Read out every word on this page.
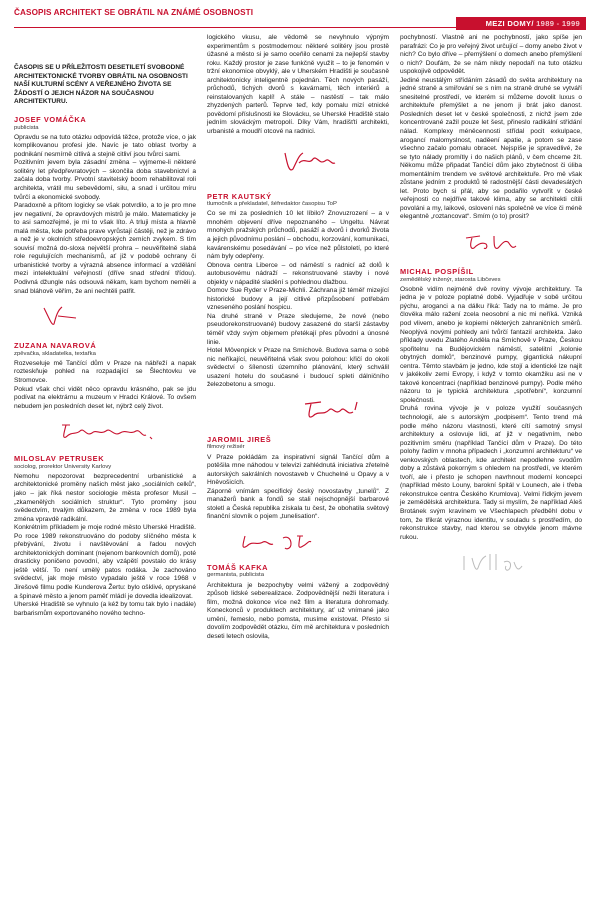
ČASOPIS ARCHITEKT SE OBRÁTIL NA ZNÁMÉ OSOBNOSTI
MEZI DOMY/ 1989 - 1999

ČASOPIS SE U PŘÍLEŽITOSTI DESETILETÍ SVOBODNÉ ARCHITEKTONICKÉ TVORBY OBRÁTIL NA OSOBNOSTI NAŠÍ KULTURNÍ SCÉNY A VEŘEJNÉHO ŽIVOTA SE ŽÁDOSTÍ O JEJICH NÁZOR NA SOUČASNOU ARCHITEKTURU.

JOSEF VOMÁČKA

publicista

Opravdu se na tuto otázku odpovídá těžce, protože více, o jak komplikovanou profesi jde. Navíc je tato oblast tvorby a podnikání nesmírně citlivá a stejně citliví jsou tvůrci sami.

Pozitivním jevem byla zásadní změna – vyjmeme-li některé solitéry let předpřevratových – skončila doba stavebnictví a začala doba tvorby. Prvotní stavitelský boom rehabilitoval roli architekta, vrátil mu sebevědomí, silu, a snad i určitou míru tvůrčí a ekonomické svobody.

Paradoxně a přitom logicky se však potvrdilo, a to je pro mne jev negativní, že opravdových mistrů je málo. Matematicky je to asi samozřejmé, je mi to však líto. A trluji místa a hlavně malá města, kde potřeba prave vyrůstají částěji, než je zdrávo a než je v okolních středoevropských zemích zvykem. S tím souvisí možná do-sloxa největší prohra – neuvěřitelně slabá role regulujících mechanismů, ať již v podobě ochrany či urbanistické tvorby a výrazná absence informací a vzdělání mezi intelektuální veřejností (dříve snad střední třídou). Podivná džungle nás odsouvá někam, kam bychom neměli a snad bláhově věřím, že ani nechtěli patřit.

ZUZANA NAVAROVÁ

zpěvačka, skladatelka, textařka

Rozveseluje mě Tančící dům v Praze na nábřeží a napak rozteskňuje pohled na rozpadající se Šlechtovku ve Stromovce.

Pokud však chci vidět něco opravdu krásného, pak se jdu podívat na elektrárnu a muzeum v Hradci Králové. To ovšem nebudem jen posledních deset let, nýbrž celý život.

MILOSLAV PETRUSEK

sociolog, prorektor University Karlovy

Nemohu nepozorovat bezprecedentní urbanistické a architektonické proměny našich měst jako „sociálních celků“, jako – jak říká nestor sociologie města profesor Musil – „zkamenělých sociálních struktur“. Tyto proměny jsou svědectvím, trvalým důkazem, že změna v roce 1989 byla zména vpravdě radikální.

Konkrétním příkladem je moje rodné město Uherské Hradiště. Po roce 1989 rekonstruováno do podoby slíčného města k přebývání, životu i navštěvování a řadou nových architektonických dominant (nejenom bankovních domů), poté drasticky poničeno povodní, aby vzápětí povstalo do krásy ještě větší. To není umělý patos rodáka. Je zachováno svědectví, jak moje město vypadalo ještě v roce 1968 v Jirešově filmu podle Kunderova Žertu: bylo ošklivé, opryskané a špinavé město a jenom paměť mládí je dovedla idealizovat.

Uherské Hradiště se vyhnulo (a kéž by tomu tak bylo i nadále) barbarismům exportovaného nového techno-

logického vkusu, ale vědomě se nevyhnulo výpným experimentům s postmodernou: některé solitéry jsou prostě úžasné a město si je samo oceňilo cenami za nejlepší stavby roku. Každý prostor je zase funkčně využít – to je fenomén v tržní ekonomice obvyklý, ale v Uherském Hradišti je současně architektonicky inteligentně pojednán. Těch nových pasáží, průchodů, tichých dvorů s kavárnami, těch interiérů a reinstalovaných kaplí! A stále – nastěstí – tak málo zhyzdených parterů. Teprve teď, kdy pomalu mizí etnické povědomí příslušnosti ke Slovácku, se Uherské Hradiště stalo jedním slováckým metropolí. Díky Vám, hradišťtí architekti, urbanisté a moudří otcové na radnici.

PETR KAUTSKÝ

tlumočník a překladatel, šéfredaktor časopisu ToP

Co se mi za posledních 10 let líbilo? Znovuzrození – a v mnohém objevení dříve nepoznaného – Ungeltu. Návrat mnohých pražských průchodů, pasáží a dvorů i dvorků života a jejich původnímu poslání – obchodu, korzování, komunikaci, kavárenskému posedávání – po více než půlstoletí, po které nám byly odepřeny.

Obnova centra Liberce – od náměstí s radnicí až dolů k autobusovému nádraží – rekonstruované stavby i nové objekty v nápadité sladění s pohlednou dlažbou.

Domov Sue Ryder v Praze-Michli. Záchrana již téměř mizející historické budovy a její citlivé přizpůsobení potřebám vzneseného poslání hospicu.

Na druhé straně v Praze sledujeme, že nové (nebo pseudorekonstruované) budovy zasazené do starší zástavby téměř vždy svým objemem přetékají přes původní a únosné linie.

Hotel Mövenpick v Praze na Smíchově. Budova sama o sobě nic neříkající, neuvěřitelná však svou polohou: křičí do okolí svědectví o šílenosti územního plánování, který schválil usazení hotelu do současné i budoucí spleti dálničního železobetonu a smogu.

JAROMIL JIREŠ

filmový režisér

V Praze pokládám za inspirativní signál Tančící dům a potěšila mne náhodou v televizi zahlédnutá iniciativa zřetelně autorských sakrálních novostaveb v Chuchelné u Opavy a v Hněvošicích.

Záporně vnímám specifický český novostavby „tunelů“. Z manažerů bank a fondů se stali nejschopnější barbarové stoletl a Česká republika získala tu čest, že obohatila světový finanční slovník o pojem „tunelisation“.

TOMÁŠ KAFKA

germanista, publicista

Architektura je bezpochyby velmi vážený a zodpovědný způsob lidské seberealizace. Zodpovědnější nežli literatura i film, možná dokonce více než film a literatura dohromady. Koneckonců v produktech architektury, ať už vnímané jako umění, řemeslo, nebo pomsta, musíme existovat. Přesto si dovolím zodpovědět otázku, čím mě architektura v posledních deseti letech oslovila,

pochybností. Vlastně ani ne pochybností, jako spíše jen parafrázi: Co je pro veřejný život určující – domy anebo život v nich? Co bylo dříve – přemýšlení o domech anebo přemýšlení o nich? Doufám, že se nám nikdy nepodaří na tuto otázku uspokojivě odpovědět.

Jediné neustálým střídáním zásadů do světa architektury na jedné straně a smiřování se s ním na straně druhé se vytváří snesitelné prostředí, ve kterém si můžeme dovolit luxus o architektuře přemýšlet a ne jenom ji brát jako danost. Posledních deset let v české společnosti, z nichž jsem zde koncentrované zažil pouze let šest, přineslo radikální střídání nálad. Komplexy méněcennosti střídal pocit exkulpace, arogancí malomyslnost, naděení apatie, a potom se zase všechno začalo pomalu obracet. Nejspíše je spravedlivé, že se tyto nálady promítly i do našich plánů, v čem chceme žít. Někomu může připadat Tančící dům jako zbytečnost či úliba momentálním trendem ve světové architektuře. Pro mě však zůstane jedním z produktů té radostnější části devadesátých let. Proto bych si přál, aby se podařilo vytvořit v české veřejnosti co nejdříve takové klima, aby se architekti cítili povoláni a my, laikové, oslovení nás společně ve více či méně elegantně „roztancovat“. Smím (o to) prosit?

MICHAL POSPÍŠIL

zemědělský inženýr, starosta Libčeves

Osobně vidím nejméně dvě roviny vývoje architektury. Ta jedna je v poloze poplatné době. Vyjadřuje v sobě určitou pýchu, aroganci a na dálku říká: Tady na to máme. Je pro člověka málo ražení zcela neosobní a nic mi neříká. Vzniká pod vlivem, anebo je kopiemi některých zahraničních směrů. Neoplývá novými pohledy ani tvůrčí fantazií architekta. Jako příklady uvedu Zlatého Anděla na Smíchově v Praze, Českou spořitelnu na Budějovickém náměstí, satelitní „kolonie obytných domků“, benzinové pumpy, gigantická nákupní centra. Těmto stavbám je jedno, kde stojí a identické lze najít v jakékoliv zemi Evropy, i když v tomto okamžiku asi ne v takové koncentraci (například benzinové pumpy). Podle mého názoru to je typická architektura „spotřební“, konzumní společnosti.

Druhá rovina vývoje je v poloze využití současných technologií, ale s autorským „podpisem“. Tento trend má podle mého názoru vlastnosti, které cítí samotný smysl architektury a oslovuje lidi, ať již v negativním, nebo pozitivním směru (například Tančící dům v Praze). Do této polohy řadím v mnoha případech i „konzumní architekturu“ ve venkovských oblastech, kde architekt nepodlehne svodům doby a zůstává pokorným s ohledem na prostředí, ve kterém tvoří, ale i přesto je schopen navrhnout moderní koncepci (například město Louny, barokní špitál v Lounech, ale i třeba rekonstrukce centra Českého Krumlova). Velmi řídkým jevem je zemědělská architektura. Tady si myslím, že například Aleš Brotánek svým kravínem ve Všechlapech předběhl dobu v tom, že třikrát výraznou identitu, v souladu s prostředím, do rekonstrukce stavby, nad kterou se obvykle jenom mávne rukou.
